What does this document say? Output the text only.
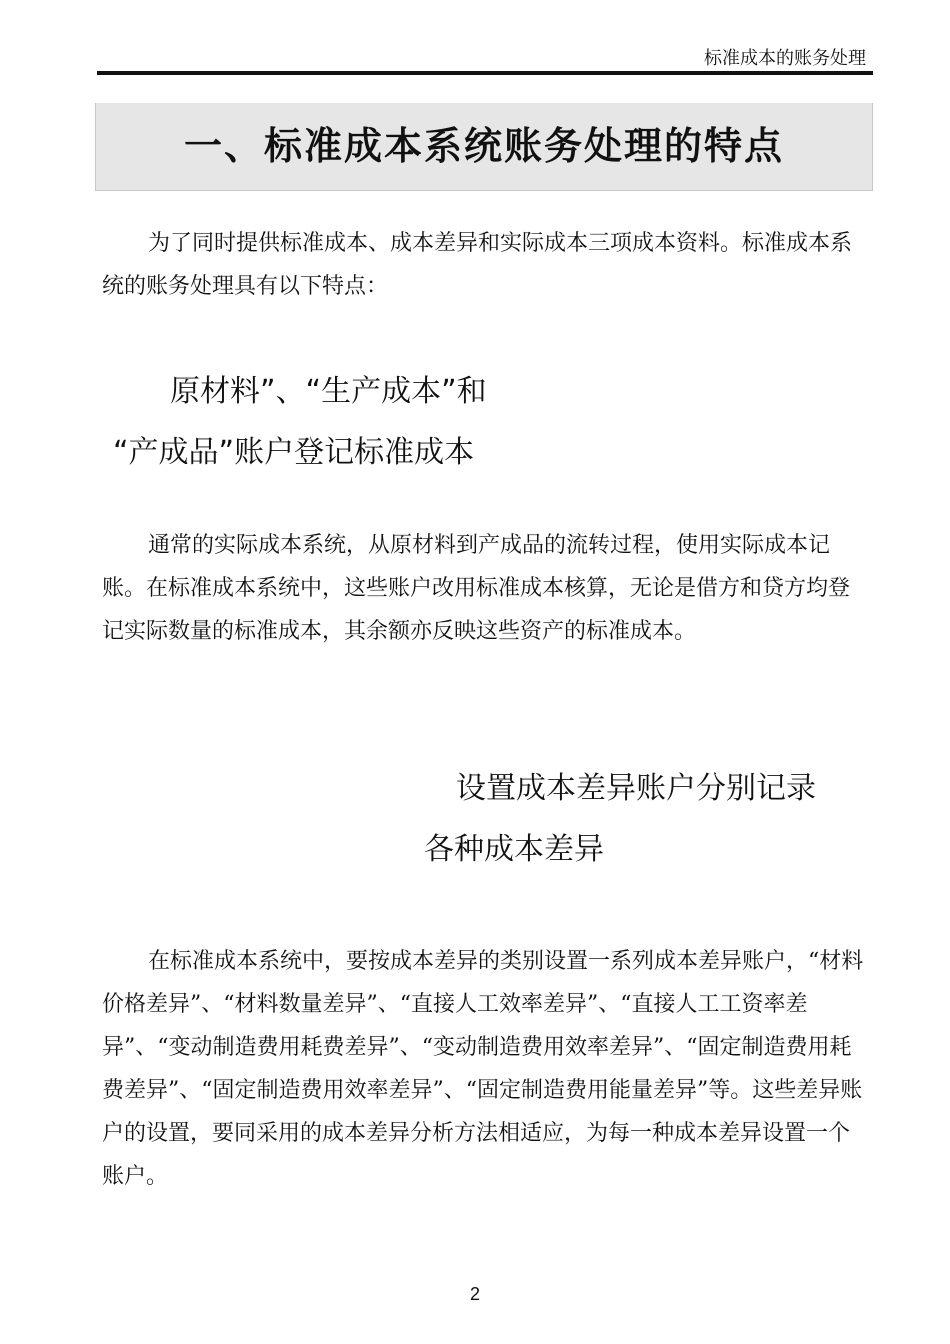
标准成本的账务处理
一、标准成本系统账务处理的特点

为了同时提供标准成本、成本差异和实际成本三项成本资料。标准成本系统的账务处理具有以下特点：

原材料”、“生产成本”和
“产成品”账户登记标准成本

通常的实际成本系统，从原材料到产成品的流转过程，使用实际成本记账。在标准成本系统中，这些账户改用标准成本核算，无论是借方和贷方均登记实际数量的标准成本，其余额亦反映这些资产的标准成本。

设置成本差异账户分别记录
各种成本差异

在标准成本系统中，要按成本差异的类别设置一系列成本差异账户，“材料价格差异”、“材料数量差异”、“直接人工效率差异”、“直接人工工资率差异”、“变动制造费用耗费差异”、“变动制造费用效率差异”、“固定制造费用耗费差异”、“固定制造费用效率差异”、“固定制造费用能量差异”等。这些差异账户的设置，要同采用的成本差异分析方法相适应，为每一种成本差异设置一个账户。

2
